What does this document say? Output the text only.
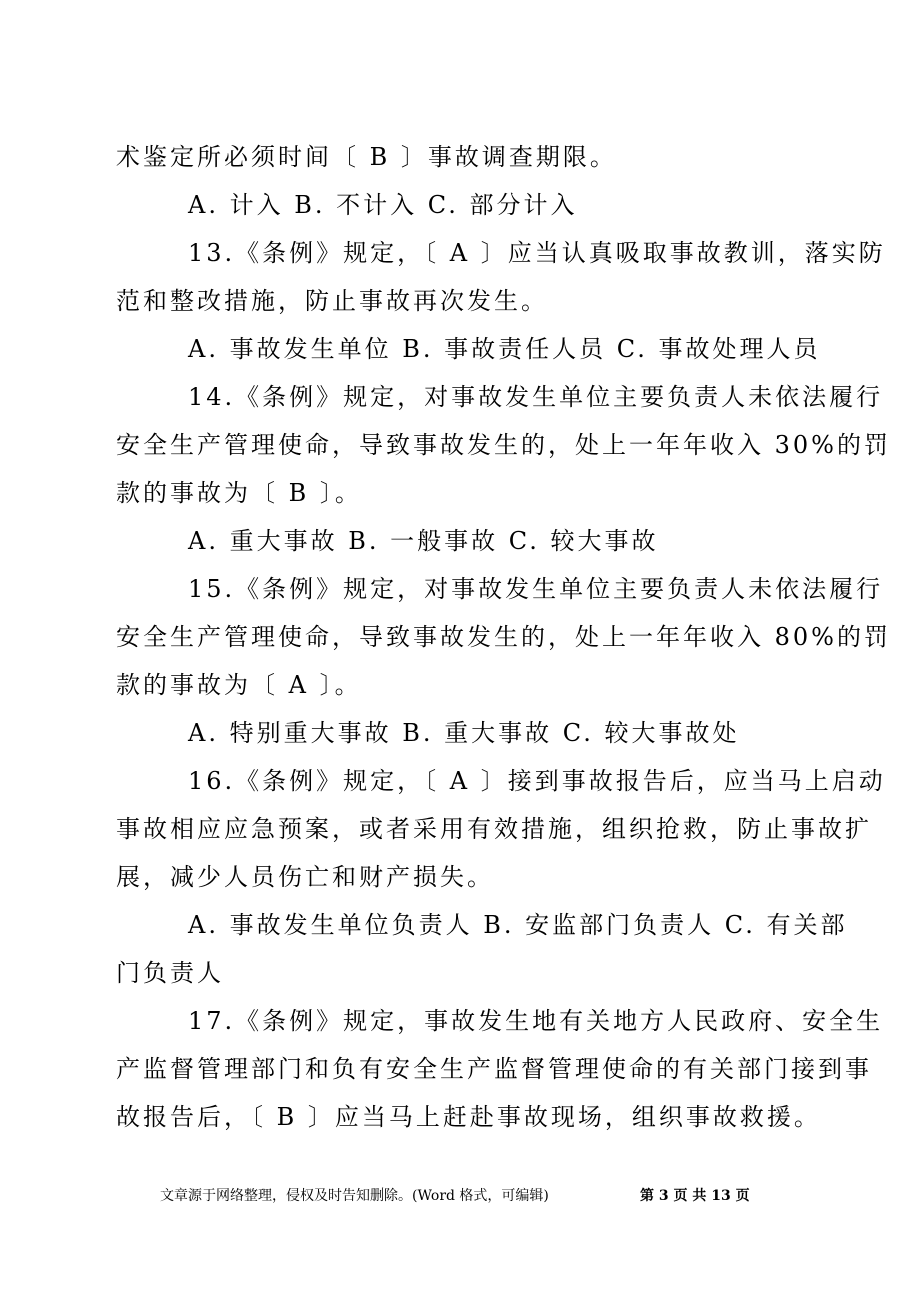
术鉴定所必须时间〔 B 〕事故调查期限。
A. 计入 B. 不计入 C. 部分计入
13.《条例》规定，〔 A 〕应当认真吸取事故教训，落实防
范和整改措施，防止事故再次发生。
A. 事故发生单位 B. 事故责任人员 C. 事故处理人员
14.《条例》规定，对事故发生单位主要负责人未依法履行
安全生产管理使命，导致事故发生的，处上一年年收入 30%的罚
款的事故为〔 B 〕。
A. 重大事故 B. 一般事故 C. 较大事故
15.《条例》规定，对事故发生单位主要负责人未依法履行
安全生产管理使命，导致事故发生的，处上一年年收入 80%的罚
款的事故为〔 A 〕。
A. 特别重大事故 B. 重大事故 C. 较大事故处
16.《条例》规定，〔 A 〕接到事故报告后，应当马上启动
事故相应应急预案，或者采用有效措施，组织抢救，防止事故扩
展，减少人员伤亡和财产损失。
A. 事故发生单位负责人 B. 安监部门负责人 C. 有关部
门负责人
17.《条例》规定，事故发生地有关地方人民政府、安全生
产监督管理部门和负有安全生产监督管理使命的有关部门接到事
故报告后，〔 B 〕应当马上赶赴事故现场，组织事故救援。
文章源于网络整理，侵权及时告知删除。(Word 格式，可编辑)	第 3 页 共 13 页
